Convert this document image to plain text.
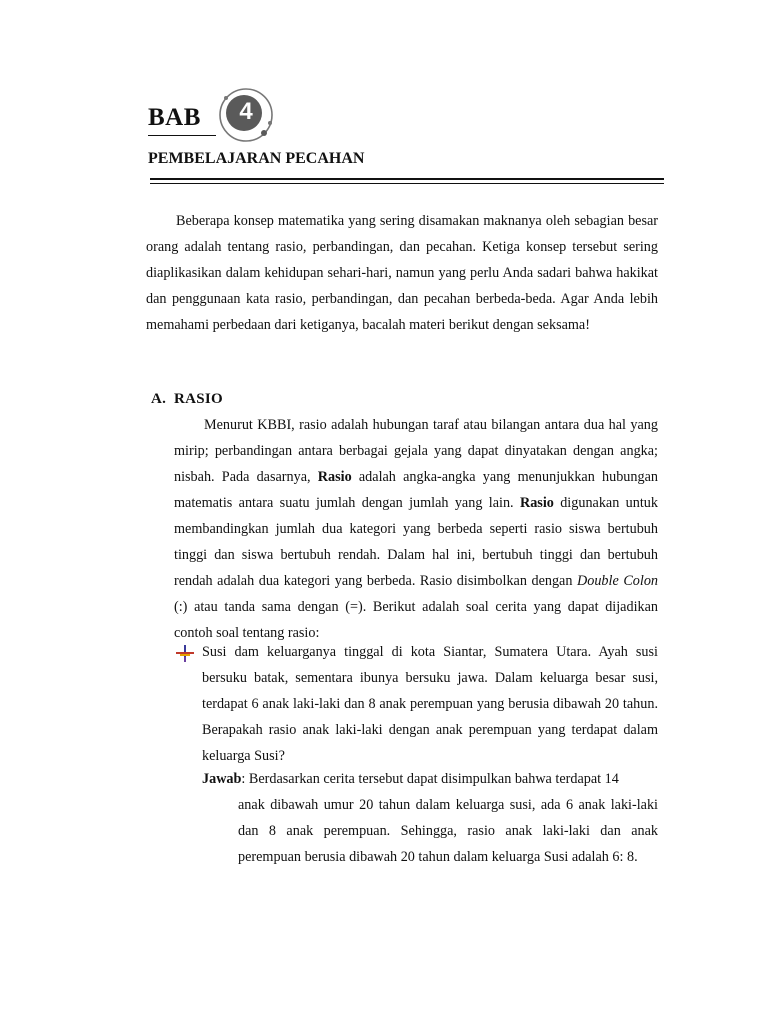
BAB	4
PEMBELAJARAN PECAHAN
Beberapa konsep matematika yang sering disamakan maknanya oleh sebagian besar orang adalah tentang rasio, perbandingan, dan pecahan. Ketiga konsep tersebut sering diaplikasikan dalam kehidupan sehari-hari, namun yang perlu Anda sadari bahwa hakikat dan penggunaan kata rasio, perbandingan, dan pecahan berbeda-beda. Agar Anda lebih memahami perbedaan dari ketiganya, bacalah materi berikut dengan seksama!
A. RASIO
Menurut KBBI, rasio adalah hubungan taraf atau bilangan antara dua hal yang mirip; perbandingan antara berbagai gejala yang dapat dinyatakan dengan angka; nisbah. Pada dasarnya, Rasio adalah angka-angka yang menunjukkan hubungan matematis antara suatu jumlah dengan jumlah yang lain. Rasio digunakan untuk membandingkan jumlah dua kategori yang berbeda seperti rasio siswa bertubuh tinggi dan siswa bertubuh rendah. Dalam hal ini, bertubuh tinggi dan bertubuh rendah adalah dua kategori yang berbeda. Rasio disimbolkan dengan Double Colon (:) atau tanda sama dengan (=). Berikut adalah soal cerita yang dapat dijadikan contoh soal tentang rasio:
Susi dam keluarganya tinggal di kota Siantar, Sumatera Utara. Ayah susi bersuku batak, sementara ibunya bersuku jawa. Dalam keluarga besar susi, terdapat 6 anak laki-laki dan 8 anak perempuan yang berusia dibawah 20 tahun. Berapakah rasio anak laki-laki dengan anak perempuan yang terdapat dalam keluarga Susi?
Jawab: Berdasarkan cerita tersebut dapat disimpulkan bahwa terdapat 14
anak dibawah umur 20 tahun dalam keluarga susi, ada 6 anak laki-laki dan 8 anak perempuan. Sehingga, rasio anak laki-laki dan anak perempuan berusia dibawah 20 tahun dalam keluarga Susi adalah 6: 8.
